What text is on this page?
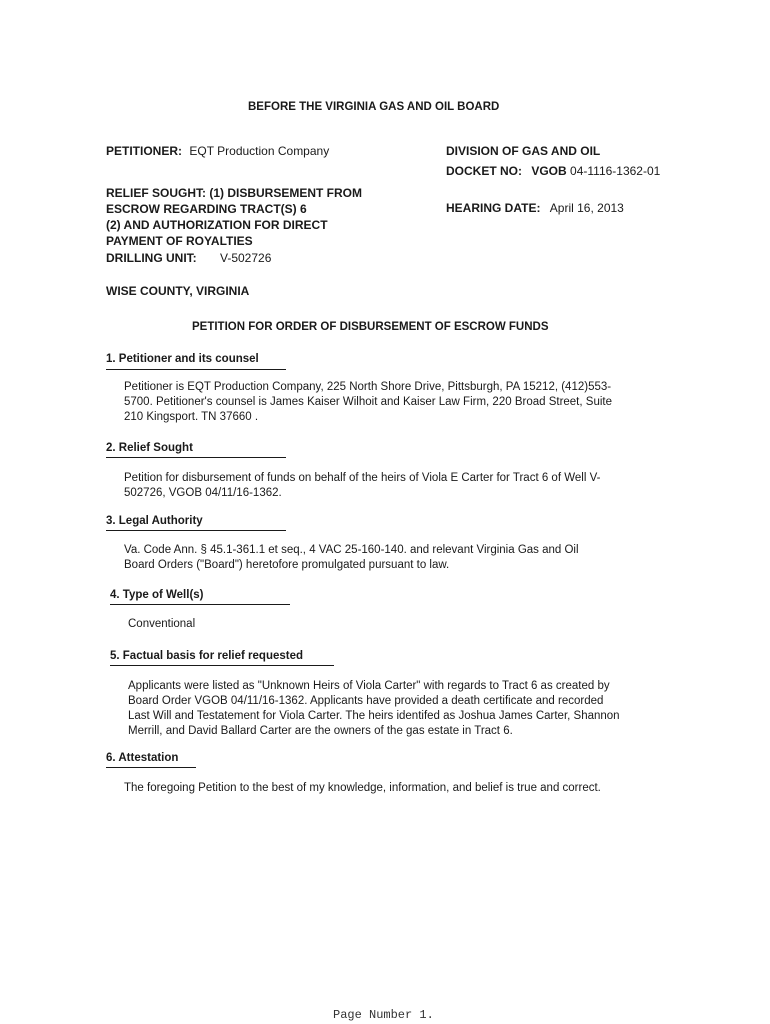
BEFORE THE VIRGINIA GAS AND OIL BOARD
PETITIONER: EQT Production Company
RELIEF SOUGHT: (1) DISBURSEMENT FROM
ESCROW REGARDING TRACT(S) 6
(2) AND AUTHORIZATION FOR DIRECT
PAYMENT OF ROYALTIES
DRILLING UNIT: V-502726
WISE COUNTY, VIRGINIA
DIVISION OF GAS AND OIL
DOCKET NO: VGOB 04-1116-1362-01
HEARING DATE: April 16, 2013
PETITION FOR ORDER OF DISBURSEMENT OF ESCROW FUNDS
1. Petitioner and its counsel
Petitioner is EQT Production Company, 225 North Shore Drive, Pittsburgh, PA 15212, (412)553-
5700. Petitioner's counsel is James Kaiser Wilhoit and Kaiser Law Firm, 220 Broad Street, Suite
210 Kingsport. TN 37660 .
2. Relief Sought
Petition for disbursement of funds on behalf of the heirs of Viola E Carter for Tract 6 of Well V-
502726, VGOB 04/11/16-1362.
3. Legal Authority
Va. Code Ann. § 45.1-361.1 et seq., 4 VAC 25-160-140. and relevant Virginia Gas and Oil
Board Orders ("Board") heretofore promulgated pursuant to law.
4. Type of Well(s)
Conventional
5. Factual basis for relief requested
Applicants were listed as "Unknown Heirs of Viola Carter" with regards to Tract 6 as created by
Board Order VGOB 04/11/16-1362. Applicants have provided a death certificate and recorded
Last Will and Testatement for Viola Carter. The heirs identifed as Joshua James Carter, Shannon
Merrill, and David Ballard Carter are the owners of the gas estate in Tract 6.
6. Attestation
The foregoing Petition to the best of my knowledge, information, and belief is true and correct.
Page Number 1.
